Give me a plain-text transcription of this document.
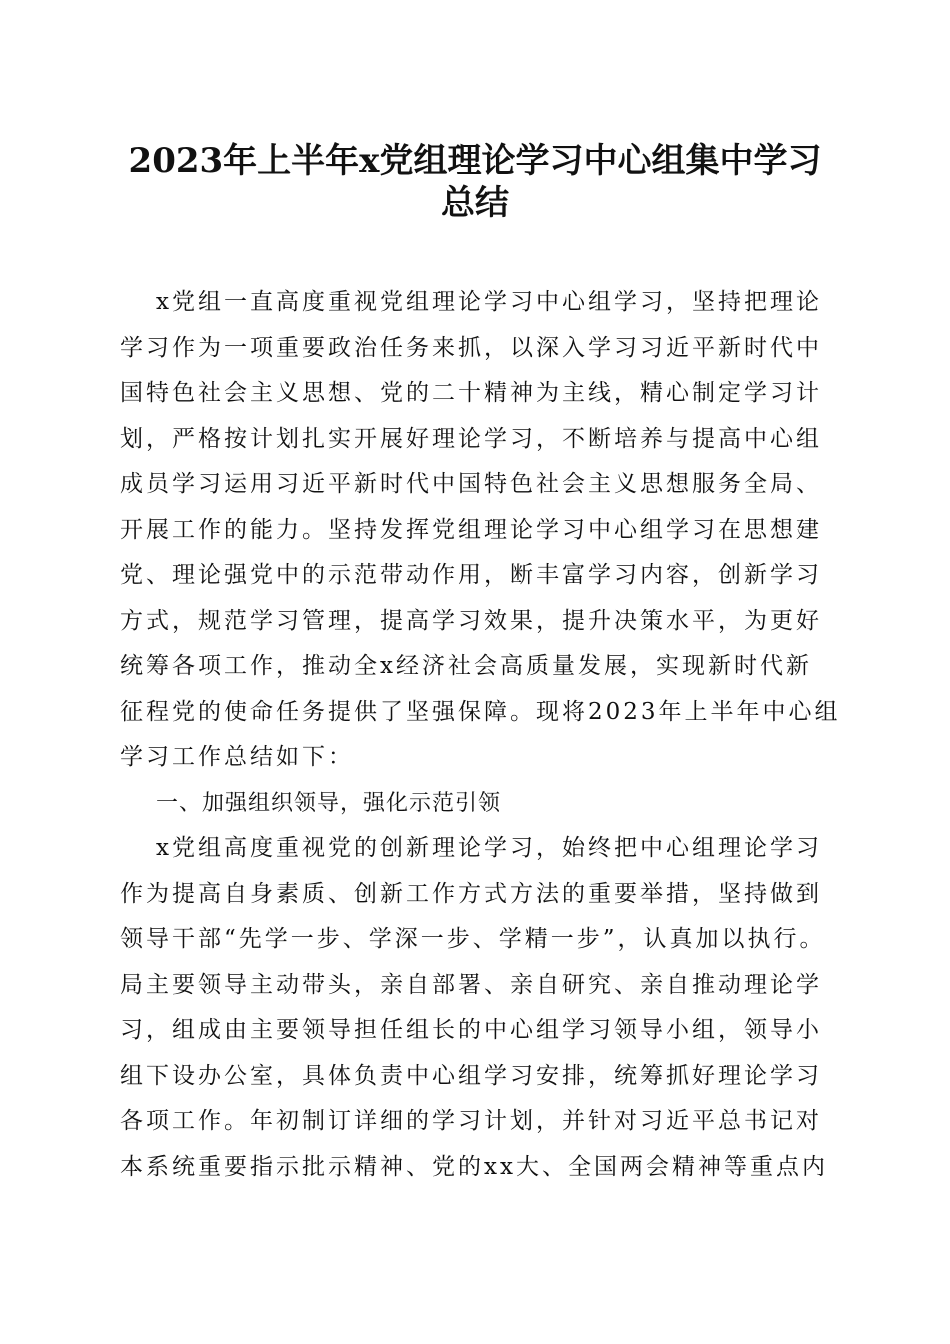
2023年上半年x党组理论学习中心组集中学习
总结
x党组一直高度重视党组理论学习中心组学习，坚持把理论
学习作为一项重要政治任务来抓，以深入学习习近平新时代中
国特色社会主义思想、党的二十精神为主线，精心制定学习计
划，严格按计划扎实开展好理论学习，不断培养与提高中心组
成员学习运用习近平新时代中国特色社会主义思想服务全局、
开展工作的能力。坚持发挥党组理论学习中心组学习在思想建
党、理论强党中的示范带动作用，断丰富学习内容，创新学习
方式，规范学习管理，提高学习效果，提升决策水平，为更好
统筹各项工作，推动全x经济社会高质量发展，实现新时代新
征程党的使命任务提供了坚强保障。现将2023年上半年中心组
学习工作总结如下：
一、加强组织领导，强化示范引领
x党组高度重视党的创新理论学习，始终把中心组理论学习
作为提高自身素质、创新工作方式方法的重要举措，坚持做到
领导干部“先学一步、学深一步、学精一步”，认真加以执行。
局主要领导主动带头，亲自部署、亲自研究、亲自推动理论学
习，组成由主要领导担任组长的中心组学习领导小组，领导小
组下设办公室，具体负责中心组学习安排，统筹抓好理论学习
各项工作。年初制订详细的学习计划，并针对习近平总书记对
本系统重要指示批示精神、党的xx大、全国两会精神等重点内
